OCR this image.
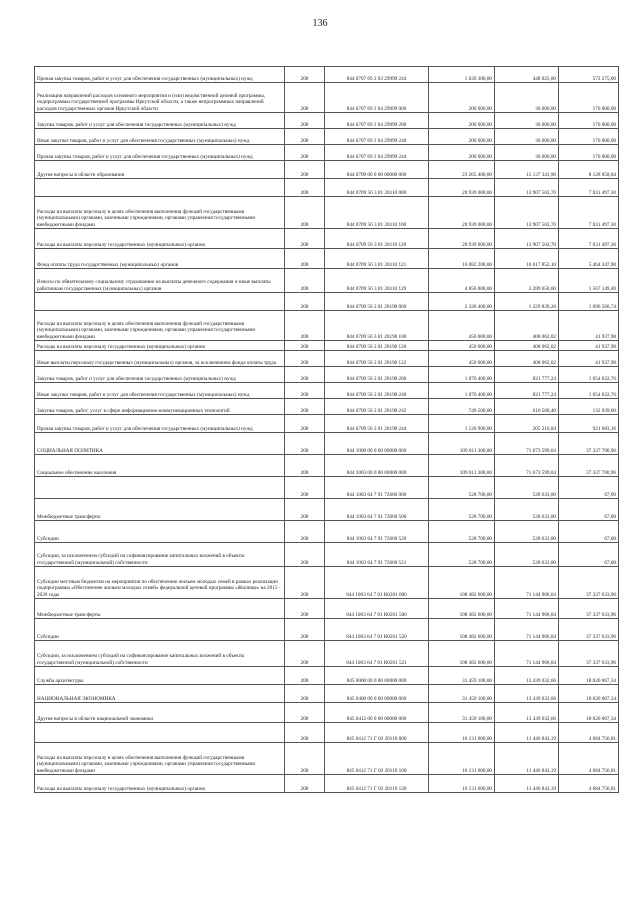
136
Прочая закупка товаров, работ и услуг для обеспечения государственных (муниципальных) нужд	200	844 0707 69 2 03 29999 244	1 020 300,00	448 025,00	572 275,00
Реализация направлений расходов основного мероприятия и (или) ведомственной целевой программы, подпрограммы государственной программы Иркутской области, а также непрограммных направлений расходов государственных органов Иркутской области	200	844 0707 69 2 04 29999 000	200 000,00	30 000,00	170 000,00
Закупка товаров, работ и услуг для обеспечения государственных (муниципальных) нужд	200	844 0707 69 2 04 29999 200	200 000,00	30 000,00	170 000,00
Иные закупки товаров, работ и услуг для обеспечения государственных (муниципальных) нужд	200	844 0707 69 2 04 29999 240	200 000,00	30 000,00	170 000,00
Прочая закупка товаров, работ и услуг для обеспечения государственных (муниципальных) нужд	200	844 0707 69 2 04 29999 244	200 000,00	30 000,00	170 000,00
Другие вопросы в области образования	200	844 0709 00 0 00 00000 000	23 265 400,00	15 137 341,96	8 128 058,04
	200	844 0709 56 3 01 20110 000	20 939 000,00	13 907 502,70	7 031 497,30
Расходы на выплаты персоналу в целях обеспечения выполнения функций государственными (муниципальными) органами, казенными учреждениями, органами управления государственными внебюджетными фондами	200	844 0709 56 3 01 20110 100	20 939 000,00	13 907 502,70	7 031 497,30
Расходы на выплаты персоналу государственных (муниципальных) органов	200	844 0709 56 3 01 20110 120	20 939 000,00	13 907 502,70	7 031 497,30
Фонд оплаты труда государственных (муниципальных) органов	200	844 0709 56 3 01 20110 121	16 082 200,00	10 617 852,10	5 464 347,90
Взносы по обязательному социальному страхованию на выплаты денежного содержания и иные выплаты работникам государственных (муниципальных) органов	200	844 0709 56 3 01 20110 129	4 856 800,00	3 289 650,60	1 567 149,40
	200	844 0709 56 3 01 20190 000	2 326 400,00	1 229 839,26	1 096 560,74
Расходы на выплаты персоналу в целях обеспечения выполнения функций государственными (муниципальными) органами, казенными учреждениями, органами управления государственными внебюджетными фондами	200	844 0709 56 3 01 20190 100	450 000,00	408 062,02	41 937,98
Расходы на выплаты персоналу государственных (муниципальных) органов	200	844 0709 56 3 01 20190 120	450 000,00	408 062,02	41 937,98
Иные выплаты персоналу государственных (муниципальных) органов, за исключением фонда оплаты труда	200	844 0709 56 3 01 20190 122	450 000,00	408 062,02	41 937,98
Закупка товаров, работ и услуг для обеспечения государственных (муниципальных) нужд	200	844 0709 56 3 01 20190 200	1 876 400,00	821 777,24	1 054 622,76
Иные закупки товаров, работ и услуг для обеспечения государственных (муниципальных) нужд	200	844 0709 56 3 01 20190 240	1 876 400,00	821 777,24	1 054 622,76
Закупка товаров, работ, услуг в сфере информационно-коммуникационных технологий	200	844 0709 56 3 01 20190 242	749 500,00	616 560,40	132 939,60
Прочая закупка товаров, работ и услуг для обеспечения государственных (муниципальных) нужд	200	844 0709 56 3 01 20190 244	1 126 900,00	205 216,84	921 683,16
СОЦИАЛЬНАЯ ПОЛИТИКА	200	844 1000 00 0 00 00000 000	109 011 300,00	71 673 599,04	37 337 700,96
Социальное обеспечение населения	200	844 1003 00 0 00 00000 000	109 011 300,00	71 673 599,04	37 337 700,96
	200	844 1003 64 7 01 72660 000	528 700,00	528 633,00	67,00
Межбюджетные трансферты	200	844 1003 64 7 01 72660 500	528 700,00	528 633,00	67,00
Субсидии	200	844 1003 64 7 01 72660 520	528 700,00	528 633,00	67,00
Субсидии, за исключением субсидий на софинансирование капитальных вложений в объекты государственной (муниципальной) собственности	200	844 1003 64 7 01 72660 521	528 700,00	528 633,00	67,00
Субсидии местным бюджетам на мероприятия по обеспечению жильем молодых семей в рамках реализации подпрограммы «Обеспечение жильем молодых семей» федеральной целевой программы «Жилище» на 2015 - 2020 годы	200	844 1003 64 7 01 R0201 000	108 482 600,00	71 144 966,04	37 337 633,96
Межбюджетные трансферты	200	844 1003 64 7 01 R0201 500	108 482 600,00	71 144 966,04	37 337 633,96
Субсидии	200	844 1003 64 7 01 R0201 520	108 482 600,00	71 144 966,04	37 337 633,96
Субсидии, за исключением субсидий на софинансирование капитальных вложений в объекты государственной (муниципальной) собственности	200	844 1003 64 7 01 R0201 521	108 482 600,00	71 144 966,04	37 337 633,96
Служба архитектуры	200	845 0000 00 0 00 00000 000	31 459 100,00	13 439 032,66	18 020 067,34
НАЦИОНАЛЬНАЯ ЭКОНОМИКА	200	845 0400 00 0 00 00000 000	31 459 100,00	13 439 032,66	18 020 067,34
Другие вопросы в области национальной экономики	200	845 0412 00 0 00 00000 000	31 459 100,00	13 439 032,66	18 020 067,34
	200	845 0412 71 Г 02 20110 000	16 131 600,00	11 446 843,19	4 684 756,81
Расходы на выплаты персоналу в целях обеспечения выполнения функций государственными (муниципальными) органами, казенными учреждениями, органами управления государственными внебюджетными фондами	200	845 0412 71 Г 02 20110 100	16 131 600,00	11 446 843,19	4 684 756,81
Расходы на выплаты персоналу государственных (муниципальных) органов	200	845 0412 71 Г 02 20110 120	16 131 600,00	11 446 843,19	4 684 756,81
